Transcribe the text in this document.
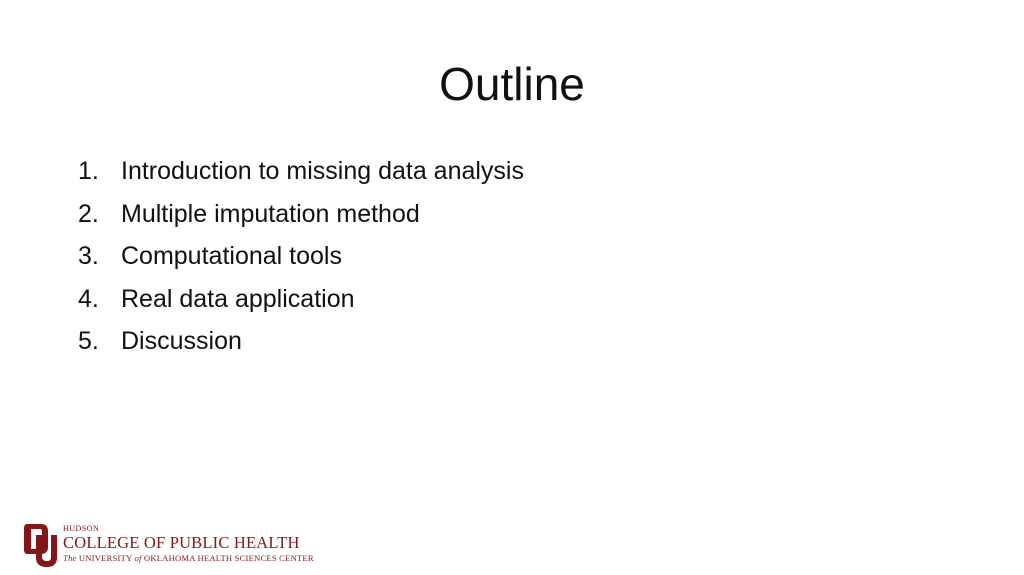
Outline
1. Introduction to missing data analysis
2. Multiple imputation method
3. Computational tools
4. Real data application
5. Discussion
HUDSON
COLLEGE OF PUBLIC HEALTH
The UNIVERSITY of OKLAHOMA HEALTH SCIENCES CENTER
